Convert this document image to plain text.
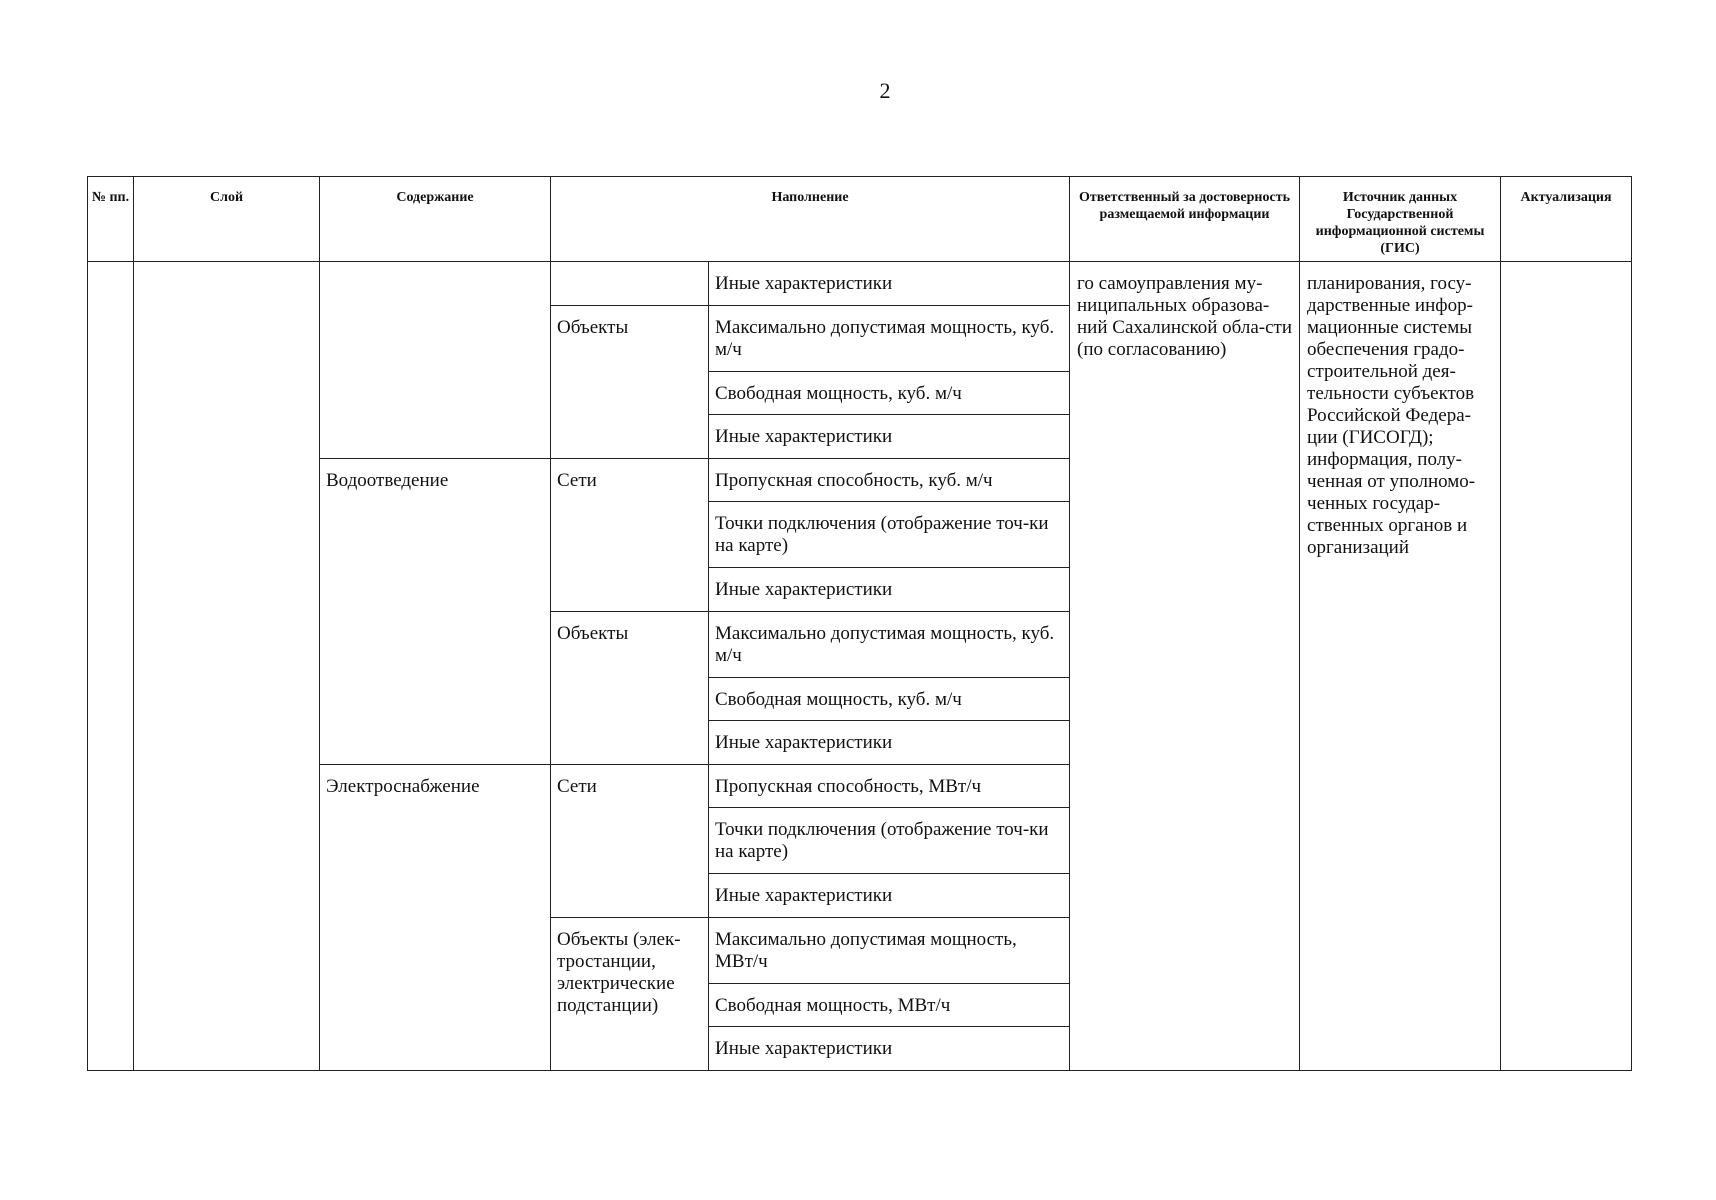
2
№ пп.	Слой	Содержание	Наполнение		Ответственный за достоверность размещаемой информации	Источник данных Государственной информационной системы (ГИС)	Актуализация

				Иные характеристики	го самоуправления му-ниципальных образова-ний Сахалинской обла-сти (по согласованию)	планирования, госу-дарственные инфор-мационные системы обеспечения градо-строительной дея-тельности субъектов Российской Федера-ции (ГИСОГД); информация, полу-ченная от уполномо-ченных государ-ственных органов и организаций	

			Объекты	Максимально допустимая мощность, куб. м/ч			

				Свободная мощность, куб. м/ч			

				Иные характеристики			

		Водоотведение	Сети	Пропускная способность, куб. м/ч			

				Точки подключения (отображение точ-ки на карте)			

				Иные характеристики			

			Объекты	Максимально допустимая мощность, куб. м/ч			

				Свободная мощность, куб. м/ч			

				Иные характеристики			

		Электроснабжение	Сети	Пропускная способность, МВт/ч			

				Точки подключения (отображение точ-ки на карте)			

				Иные характеристики			

			Объекты (элек-тростанции, электрические подстанции)	Максимально допустимая мощность, МВт/ч			

				Свободная мощность, МВт/ч			

				Иные характеристики			
